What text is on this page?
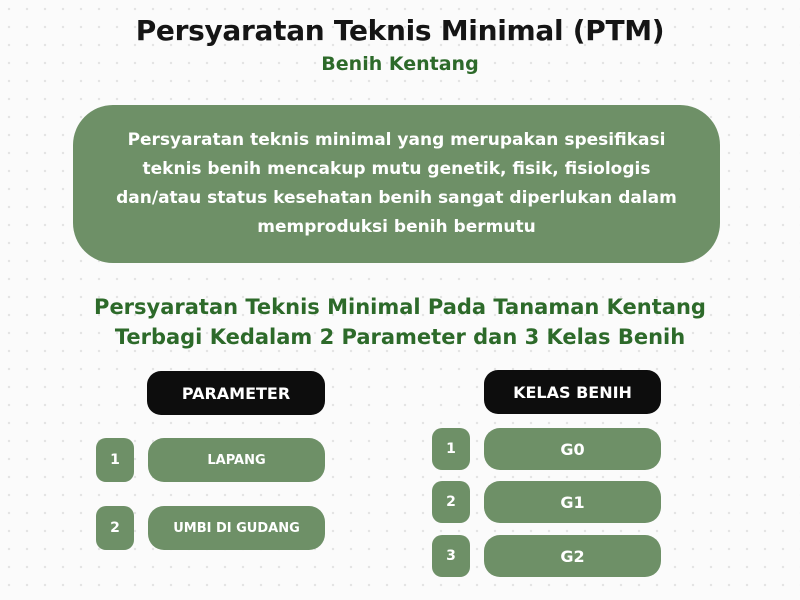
Persyaratan Teknis Minimal (PTM)
Benih Kentang
Persyaratan teknis minimal yang merupakan spesifikasi
teknis benih mencakup mutu genetik, fisik, fisiologis
dan/atau status kesehatan benih sangat diperlukan dalam
memproduksi benih bermutu
Persyaratan Teknis Minimal Pada Tanaman Kentang
Terbagi Kedalam 2 Parameter dan 3 Kelas Benih
PARAMETER
1	LAPANG
2	UMBI DI GUDANG
KELAS BENIH
1	G0
2	G1
3	G2
